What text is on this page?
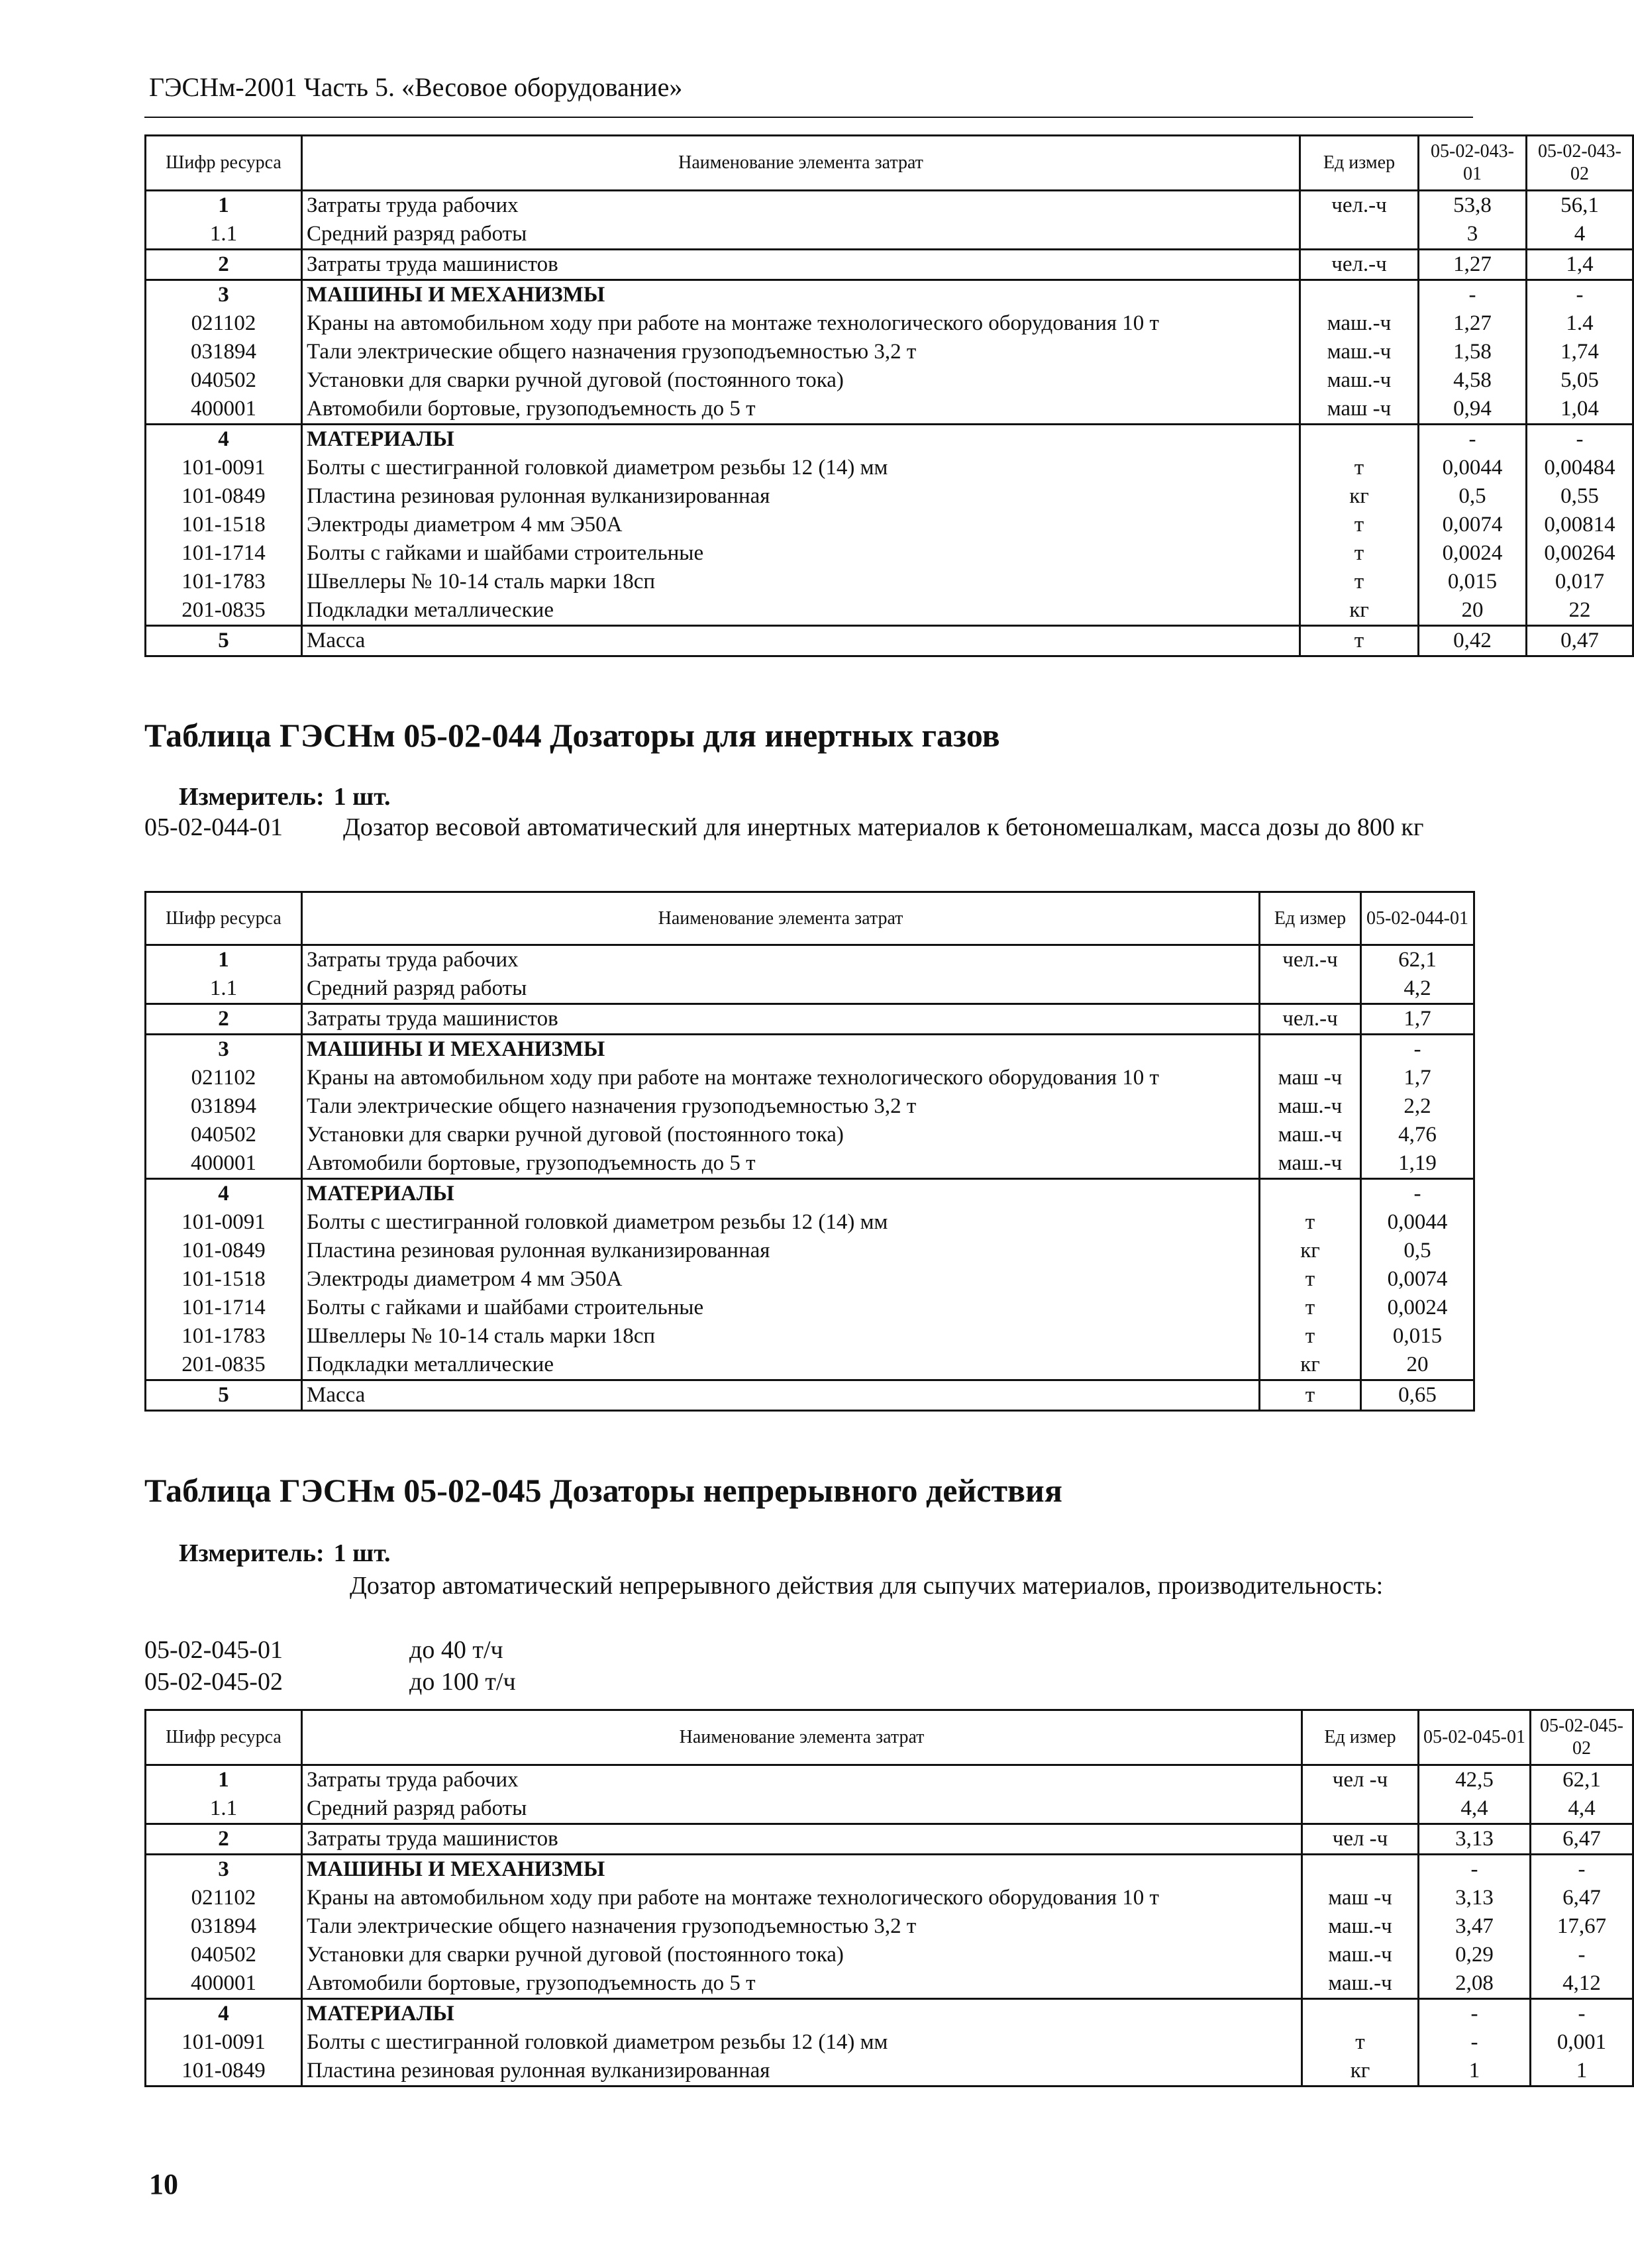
ГЭСНм-2001 Часть 5. «Весовое оборудование»
Шифр ресурса	Наименование элемента затрат	Ед измер	05-02-043-01	05-02-043-02
1	Затраты труда рабочих	чел.-ч	53,8	56,1
1.1	Средний разряд работы		3	4
2	Затраты труда машинистов	чел.-ч	1,27	1,4
3	МАШИНЫ И МЕХАНИЗМЫ		-	-
021102	Краны на автомобильном ходу при работе на монтаже технологического оборудования 10 т	маш.-ч	1,27	1.4
031894	Тали электрические общего назначения грузоподъемностью 3,2 т	маш.-ч	1,58	1,74
040502	Установки для сварки ручной дуговой (постоянного тока)	маш.-ч	4,58	5,05
400001	Автомобили бортовые, грузоподъемность до 5 т	маш -ч	0,94	1,04
4	МАТЕРИАЛЫ		-	-
101-0091	Болты с шестигранной головкой диаметром резьбы 12 (14) мм	т	0,0044	0,00484
101-0849	Пластина резиновая рулонная вулканизированная	кг	0,5	0,55
101-1518	Электроды диаметром 4 мм Э50А	т	0,0074	0,00814
101-1714	Болты с гайками и шайбами строительные	т	0,0024	0,00264
101-1783	Швеллеры № 10-14 сталь марки 18сп	т	0,015	0,017
201-0835	Подкладки металлические	кг	20	22
5	Масса	т	0,42	0,47
Таблица ГЭСНм 05-02-044 Дозаторы для инертных газов
Измеритель: 1 шт.
05-02-044-01 Дозатор весовой автоматический для инертных материалов к бетономешалкам, масса дозы до 800 кг
Шифр ресурса	Наименование элемента затрат	Ед измер	05-02-044-01
1	Затраты труда рабочих	чел.-ч	62,1
1.1	Средний разряд работы		4,2
2	Затраты труда машинистов	чел.-ч	1,7
3	МАШИНЫ И МЕХАНИЗМЫ		-
021102	Краны на автомобильном ходу при работе на монтаже технологического оборудования 10 т	маш -ч	1,7
031894	Тали электрические общего назначения грузоподъемностью 3,2 т	маш.-ч	2,2
040502	Установки для сварки ручной дуговой (постоянного тока)	маш.-ч	4,76
400001	Автомобили бортовые, грузоподъемность до 5 т	маш.-ч	1,19
4	МАТЕРИАЛЫ		-
101-0091	Болты с шестигранной головкой диаметром резьбы 12 (14) мм	т	0,0044
101-0849	Пластина резиновая рулонная вулканизированная	кг	0,5
101-1518	Электроды диаметром 4 мм Э50А	т	0,0074
101-1714	Болты с гайками и шайбами строительные	т	0,0024
101-1783	Швеллеры № 10-14 сталь марки 18сп	т	0,015
201-0835	Подкладки металлические	кг	20
5	Масса	т	0,65
Таблица ГЭСНм 05-02-045 Дозаторы непрерывного действия
Измеритель: 1 шт.
Дозатор автоматический непрерывного действия для сыпучих материалов, производительность:
05-02-045-01	до 40 т/ч
05-02-045-02	до 100 т/ч
Шифр ресурса	Наименование элемента затрат	Ед измер	05-02-045-01	05-02-045-02
1	Затраты труда рабочих	чел -ч	42,5	62,1
1.1	Средний разряд работы		4,4	4,4
2	Затраты труда машинистов	чел -ч	3,13	6,47
3	МАШИНЫ И МЕХАНИЗМЫ		-	-
021102	Краны на автомобильном ходу при работе на монтаже технологического оборудования 10 т	маш -ч	3,13	6,47
031894	Тали электрические общего назначения грузоподъемностью 3,2 т	маш.-ч	3,47	17,67
040502	Установки для сварки ручной дуговой (постоянного тока)	маш.-ч	0,29	-
400001	Автомобили бортовые, грузоподъемность до 5 т	маш.-ч	2,08	4,12
4	МАТЕРИАЛЫ		-	-
101-0091	Болты с шестигранной головкой диаметром резьбы 12 (14) мм	т	-	0,001
101-0849	Пластина резиновая рулонная вулканизированная	кг	1	1
10
